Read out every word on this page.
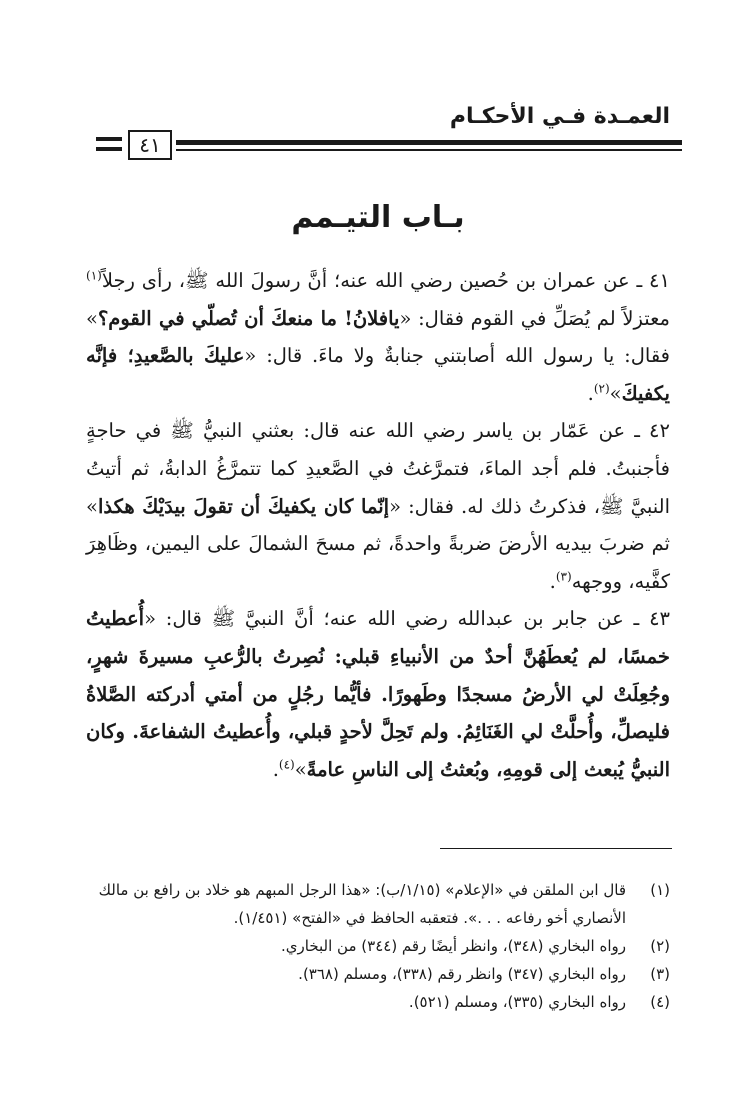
العمـدة فـي الأحكـام
٤١
بـاب التيـمم

٤١ ـ عن عمران بن حُصين رضي الله عنه؛ أنَّ رسولَ الله ﷺ، رأى رجلاً$^{(١)}$ معتزلاً لم يُصَلِّ في القوم فقال: «يافلانُ! ما منعكَ أن تُصلّي في القوم؟» فقال: يا رسول الله أصابتني جنابةٌ ولا ماءَ. قال: «عليكَ بالصَّعيدِ؛ فإنَّه يكفيكَ»$^{(٢)}$.

٤٢ ـ عن عَمّار بن ياسر رضي الله عنه قال: بعثني النبيُّ ﷺ في حاجةٍ فأجنبتُ. فلم أجد الماءَ، فتمرَّغتُ في الصَّعيدِ كما تتمرَّغُ الدابةُ، ثم أتيتُ النبيَّ ﷺ، فذكرتُ ذلك له. فقال: «إنّما كان يكفيكَ أن تقولَ بيدَيْكَ هكذا» ثم ضربَ بيديه الأرضَ ضربةً واحدةً، ثم مسحَ الشمالَ على اليمين، وظَاهِرَ كفَّيه، ووجهه$^{(٣)}$.

٤٣ ـ عن جابر بن عبدالله رضي الله عنه؛ أنَّ النبيَّ ﷺ قال: «أُعطيتُ خمسًا، لم يُعطَهُنَّ أحدٌ من الأنبياءِ قبلي: نُصِرتُ بالرُّعبِ مسيرةَ شهرٍ، وجُعِلَتْ لي الأرضُ مسجدًا وطَهورًا. فأيُّما رجُلٍ من أمتي أدركته الصَّلاةُ فليصلِّ، وأُحلَّتْ لي الغَنَائِمُ. ولم تَحِلَّ لأحدٍ قبلي، وأُعطيتُ الشفاعةَ. وكان النبيُّ يُبعث إلى قومِهِ، وبُعثتُ إلى الناسِ عامةً»$^{(٤)}$.

(١)
قال ابن الملقن في «الإعلام» (١/١٥/ب): «هذا الرجل المبهم هو خلاد بن رافع بن مالك الأنصاري أخو رفاعه . . .». فتعقبه الحافظ في «الفتح» (١/٤٥١).
(٢)
رواه البخاري (٣٤٨)، وانظر أيضًا رقم (٣٤٤) من البخاري.
(٣)
رواه البخاري (٣٤٧) وانظر رقم (٣٣٨)، ومسلم (٣٦٨).
(٤)
رواه البخاري (٣٣٥)، ومسلم (٥٢١).
